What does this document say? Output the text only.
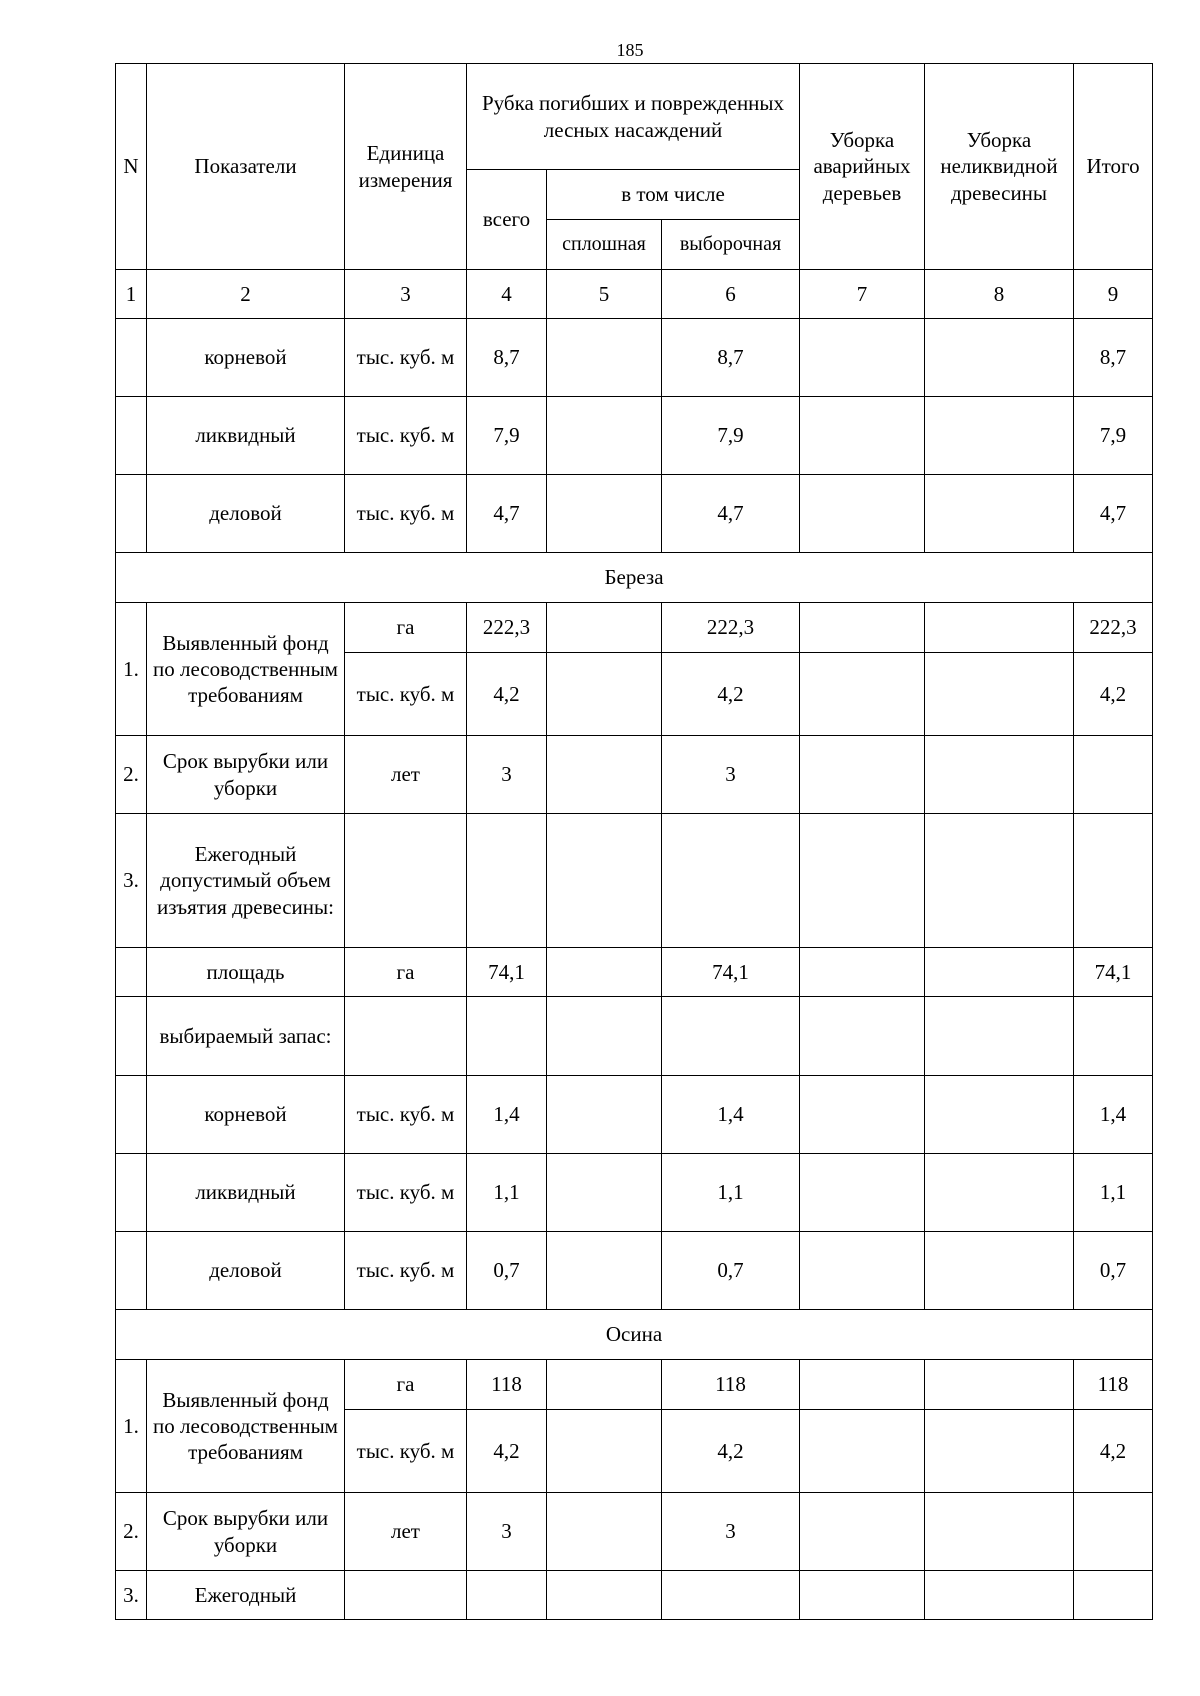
185
N	Показатели	Единица измерения	Рубка погибших и поврежденных лесных насаждений			Уборка аварийных деревьев	Уборка неликвидной древесины	Итого
			всего	в том числе				
				сплошная	выборочная			
1	2	3	4	5	6	7	8	9
	корневой	тыс. куб. м	8,7		8,7			8,7
	ликвидный	тыс. куб. м	7,9		7,9			7,9
	деловой	тыс. куб. м	4,7		4,7			4,7
Береза								
1.	Выявленный фонд по лесоводственным требованиям	га	222,3		222,3			222,3
		тыс. куб. м	4,2		4,2			4,2
2.	Срок вырубки или уборки	лет	3		3			
3.	Ежегодный допустимый объем изъятия древесины:							
	площадь	га	74,1		74,1			74,1
	выбираемый запас:							
	корневой	тыс. куб. м	1,4		1,4			1,4
	ликвидный	тыс. куб. м	1,1		1,1			1,1
	деловой	тыс. куб. м	0,7		0,7			0,7
Осина								
1.	Выявленный фонд по лесоводственным требованиям	га	118		118			118
		тыс. куб. м	4,2		4,2			4,2
2.	Срок вырубки или уборки	лет	3		3			
3.	Ежегодный							
